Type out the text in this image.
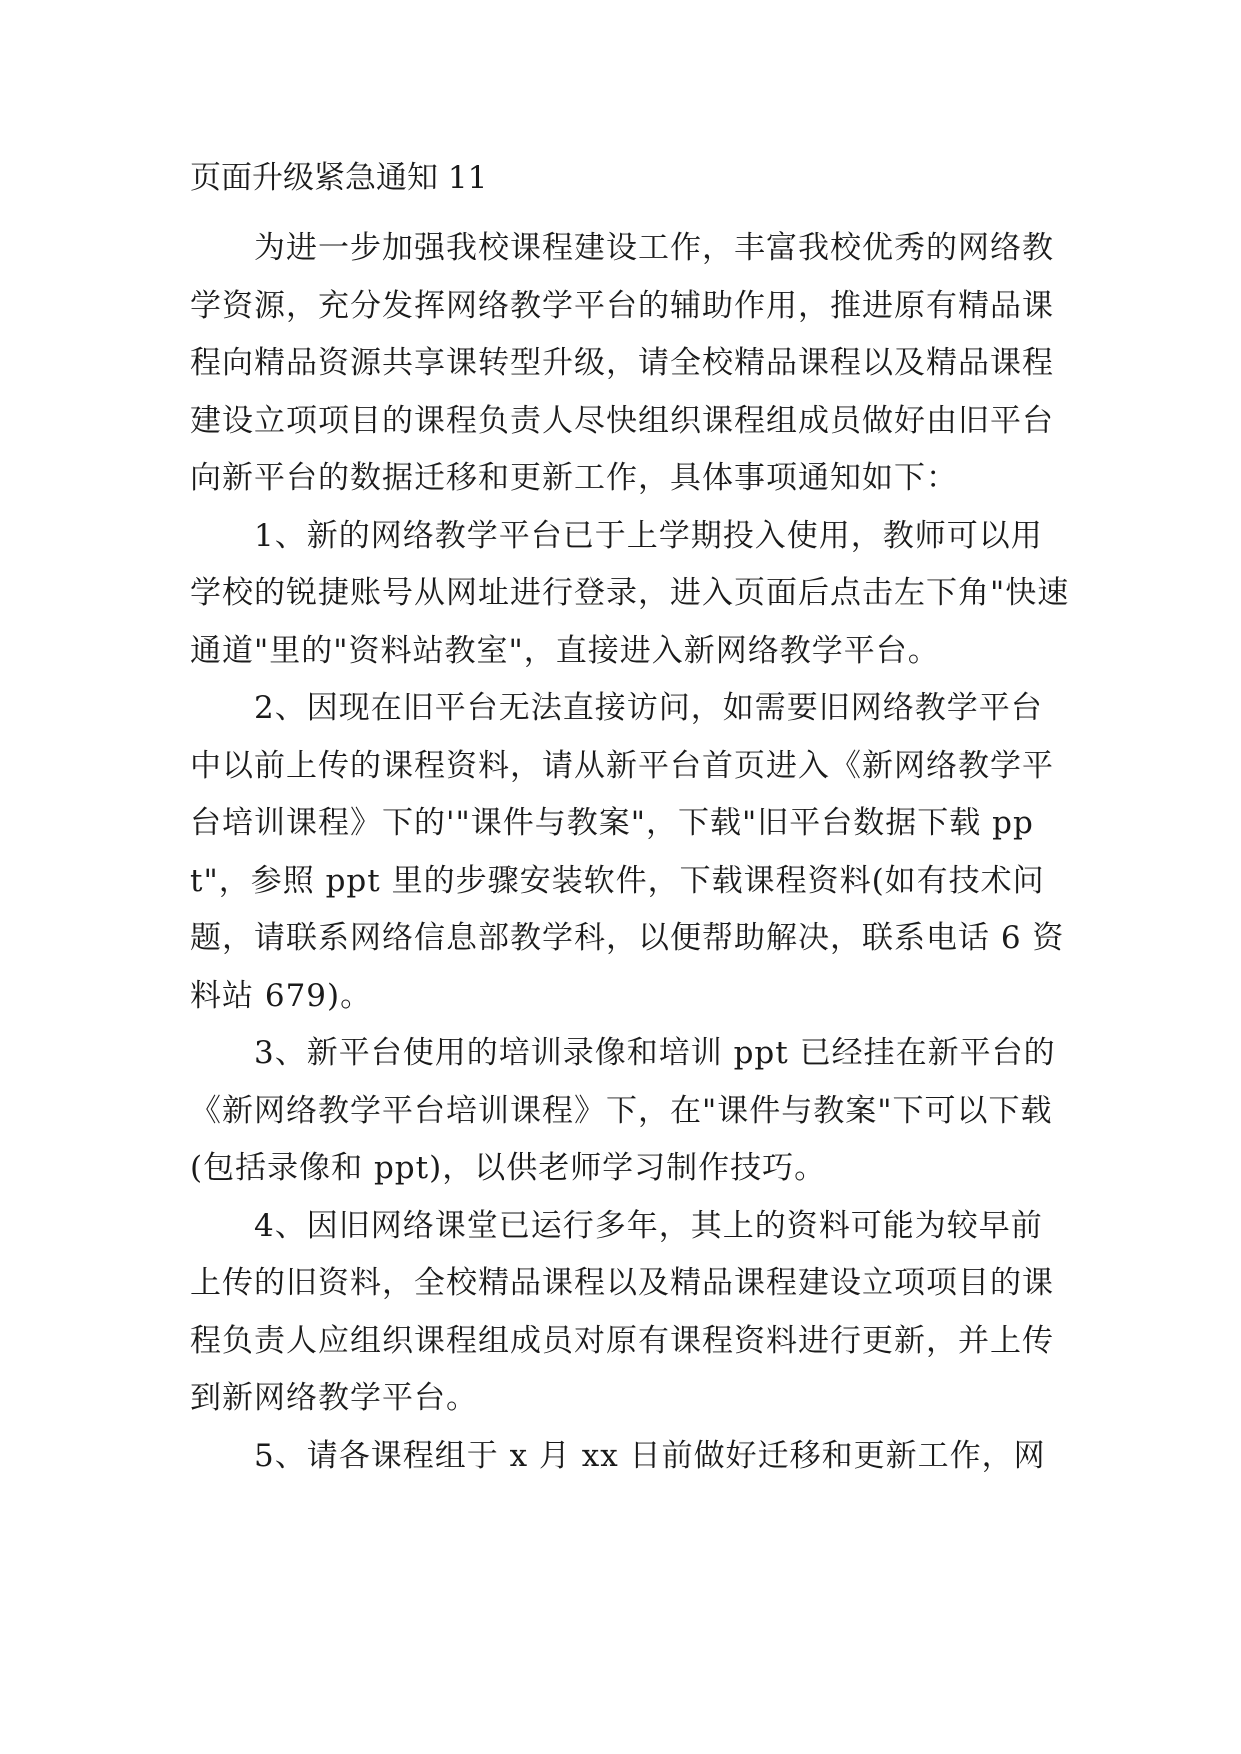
页面升级紧急通知 11

为进一步加强我校课程建设工作，丰富我校优秀的网络教学资源，充分发挥网络教学平台的辅助作用，推进原有精品课程向精品资源共享课转型升级，请全校精品课程以及精品课程建设立项项目的课程负责人尽快组织课程组成员做好由旧平台向新平台的数据迁移和更新工作，具体事项通知如下：

1、新的网络教学平台已于上学期投入使用，教师可以用学校的锐捷账号从网址进行登录，进入页面后点击左下角"快速通道"里的"资料站教室"，直接进入新网络教学平台。

2、因现在旧平台无法直接访问，如需要旧网络教学平台中以前上传的课程资料，请从新平台首页进入《新网络教学平台培训课程》下的'"课件与教案"，下载"旧平台数据下载 ppt"，参照 ppt 里的步骤安装软件，下载课程资料(如有技术问题，请联系网络信息部教学科，以便帮助解决，联系电话 6 资料站 679)。

3、新平台使用的培训录像和培训 ppt 已经挂在新平台的《新网络教学平台培训课程》下，在"课件与教案"下可以下载(包括录像和 ppt)，以供老师学习制作技巧。

4、因旧网络课堂已运行多年，其上的资料可能为较早前上传的旧资料，全校精品课程以及精品课程建设立项项目的课程负责人应组织课程组成员对原有课程资料进行更新，并上传到新网络教学平台。

5、请各课程组于 x 月 xx 日前做好迁移和更新工作，网
